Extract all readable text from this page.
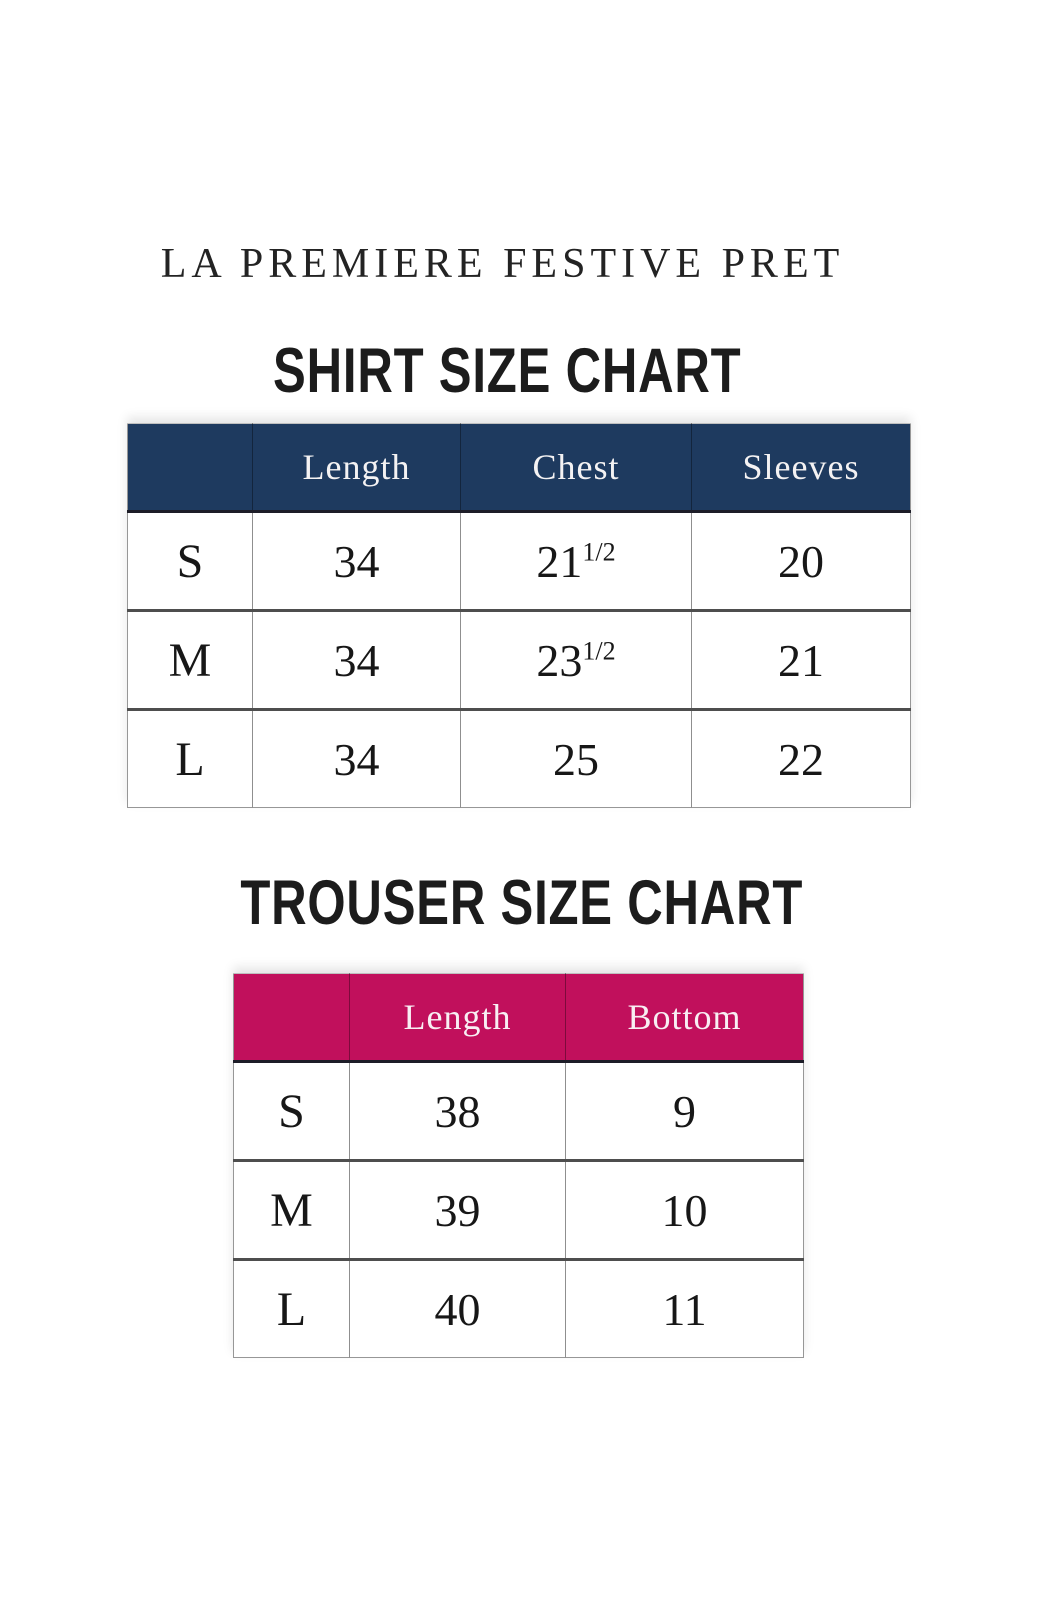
LA PREMIERE FESTIVE PRET
SHIRT SIZE CHART
	Length	Chest	Sleeves
S	34	$21^{1/2}$	20
M	34	$23^{1/2}$	21
L	34	25	22
TROUSER SIZE CHART
	Length	Bottom
S	38	9
M	39	10
L	40	11
